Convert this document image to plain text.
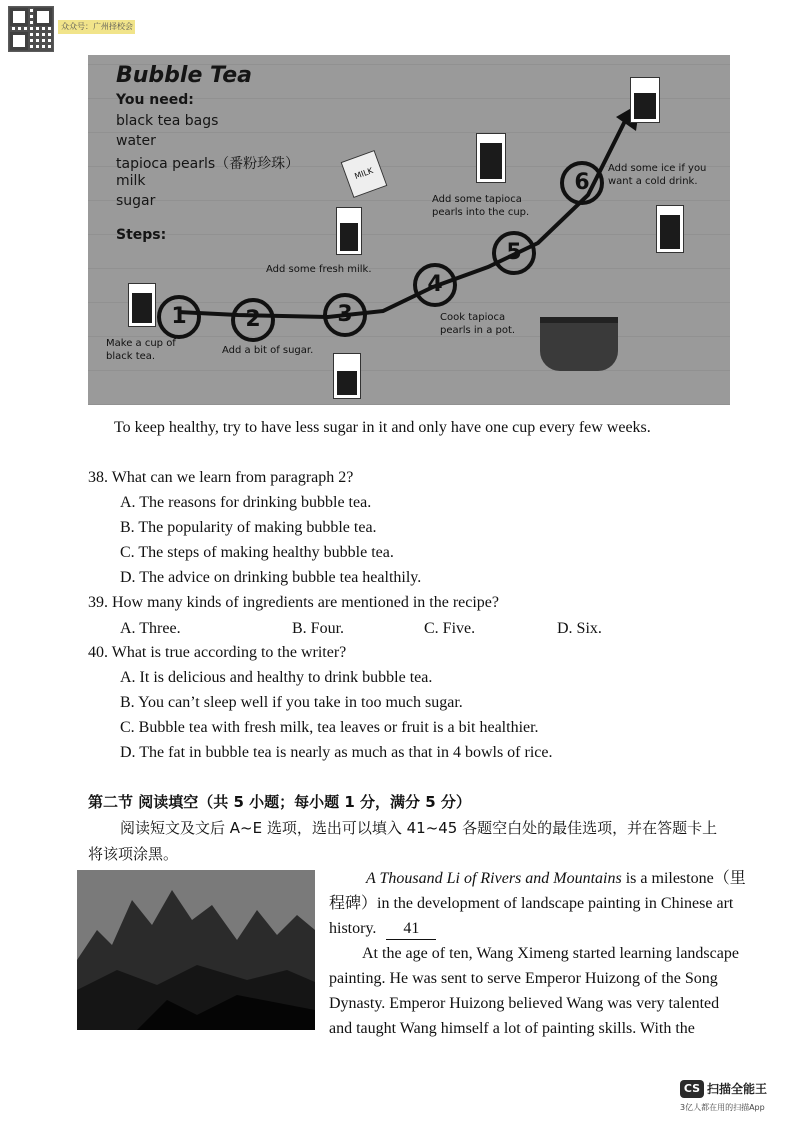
众众号：广州择校会
Bubble Tea
You need:
black tea bags
water
tapioca pearls（番粉珍珠）
milk
sugar
Steps:
MILK
1	2	3
4
5
6
Make a cup of
black tea.
Add a bit of sugar.
Add some fresh milk.
Cook tapioca
pearls in a pot.
Add some tapioca
pearls into the cup.
Add some ice if you
want a cold drink.
To keep healthy, try to have less sugar in it and only have one cup every few weeks.
38. What can we learn from paragraph 2?
A. The reasons for drinking bubble tea.
B. The popularity of making bubble tea.
C. The steps of making healthy bubble tea.
D. The advice on drinking bubble tea healthily.
39. How many kinds of ingredients are mentioned in the recipe?
A. Three.	B. Four.	C. Five.	D. Six.
40. What is true according to the writer?
A. It is delicious and healthy to drink bubble tea.
B. You can’t sleep well if you take in too much sugar.
C. Bubble tea with fresh milk, tea leaves or fruit is a bit healthier.
D. The fat in bubble tea is nearly as much as that in 4 bowls of rice.
第二节 阅读填空（共 5 小题；每小题 1 分，满分 5 分）
阅读短文及文后 A~E 选项，选出可以填入 41~45 各题空白处的最佳选项，并在答题卡上
将该项涂黑。
A Thousand Li of Rivers and Mountains is a milestone（里
程碑）in the development of landscape painting in Chinese art
history. 41
At the age of ten, Wang Ximeng started learning landscape
painting. He was sent to serve Emperor Huizong of the Song
Dynasty. Emperor Huizong believed Wang was very talented
and taught Wang himself a lot of painting skills. With the
CS 扫描全能王
3亿人都在用的扫描App
